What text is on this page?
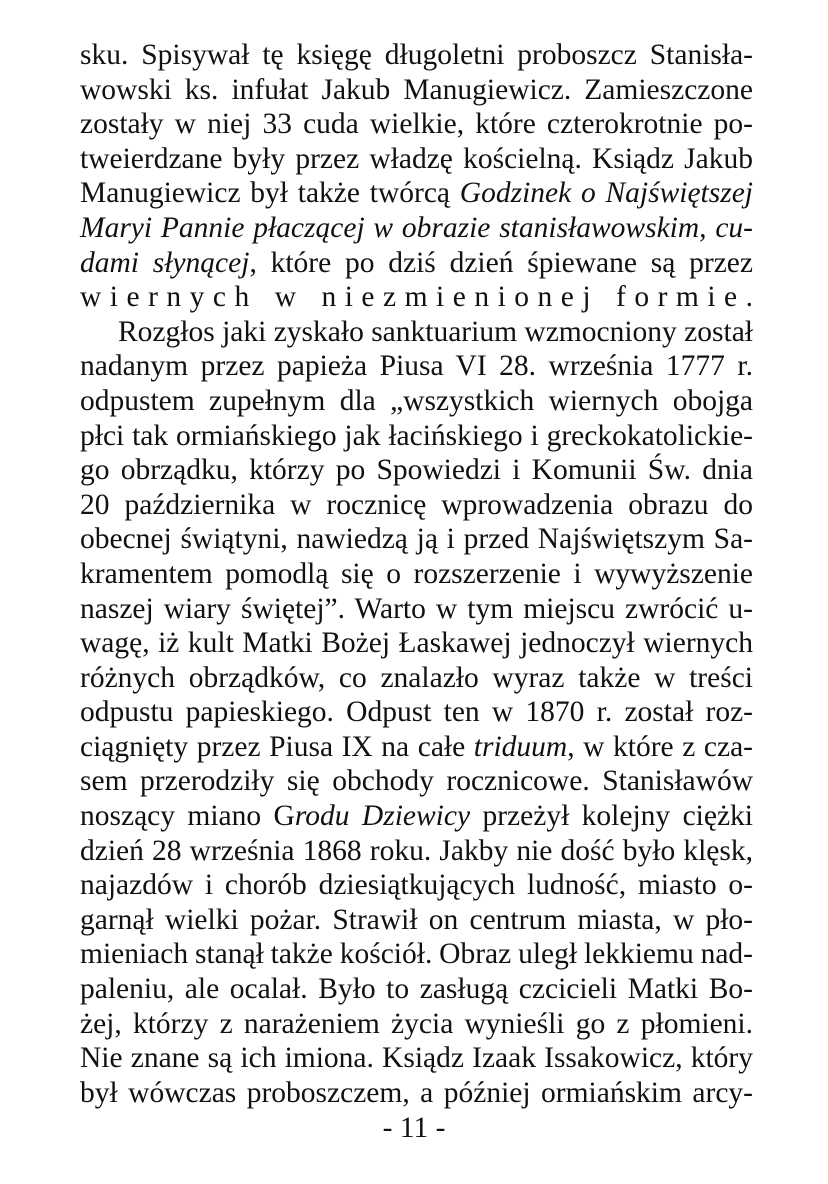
sku. Spisywał tę księgę długoletni proboszcz Stanisła-
wowski ks. infułat Jakub Manugiewicz. Zamieszczone
zostały w niej 33 cuda wielkie, które czterokrotnie po-
tweierdzane były przez władzę kościelną. Ksiądz Jakub
Manugiewicz był także twórcą Godzinek o Najświętszej
Maryi Pannie płaczącej w obrazie stanisławowskim, cu-
dami słynącej, które po dziś dzień śpiewane są przez
w i e r n y c h   w   n i e z m i e n i o n e j   f o r m i e .
Rozgłos jaki zyskało sanktuarium wzmocniony został
nadanym przez papieża Piusa VI 28. września 1777 r.
odpustem zupełnym dla „wszystkich wiernych obojga
płci tak ormiańskiego jak łacińskiego i greckokatolickie-
go obrządku, którzy po Spowiedzi i Komunii Św. dnia
20 października w rocznicę wprowadzenia obrazu do
obecnej świątyni, nawiedzą ją i przed Najświętszym Sa-
kramentem pomodlą się o rozszerzenie i wywyższenie
naszej wiary świętej”. Warto w tym miejscu zwrócić u-
wagę, iż kult Matki Bożej Łaskawej jednoczył wiernych
różnych obrządków, co znalazło wyraz także w treści
odpustu papieskiego. Odpust ten w 1870 r. został roz-
ciągnięty przez Piusa IX na całe triduum, w które z cza-
sem przerodziły się obchody rocznicowe. Stanisławów
noszący miano Grodu Dziewicy przeżył kolejny ciężki
dzień 28 września 1868 roku. Jakby nie dość było klęsk,
najazdów i chorób dziesiątkujących ludność, miasto o-
garnął wielki pożar. Strawił on centrum miasta, w pło-
mieniach stanął także kościół. Obraz uległ lekkiemu nad-
paleniu, ale ocalał. Było to zasługą czcicieli Matki Bo-
żej, którzy z narażeniem życia wynieśli go z płomieni.
Nie znane są ich imiona. Ksiądz Izaak Issakowicz, który
był wówczas proboszczem, a później ormiańskim arcy-
- 11 -
